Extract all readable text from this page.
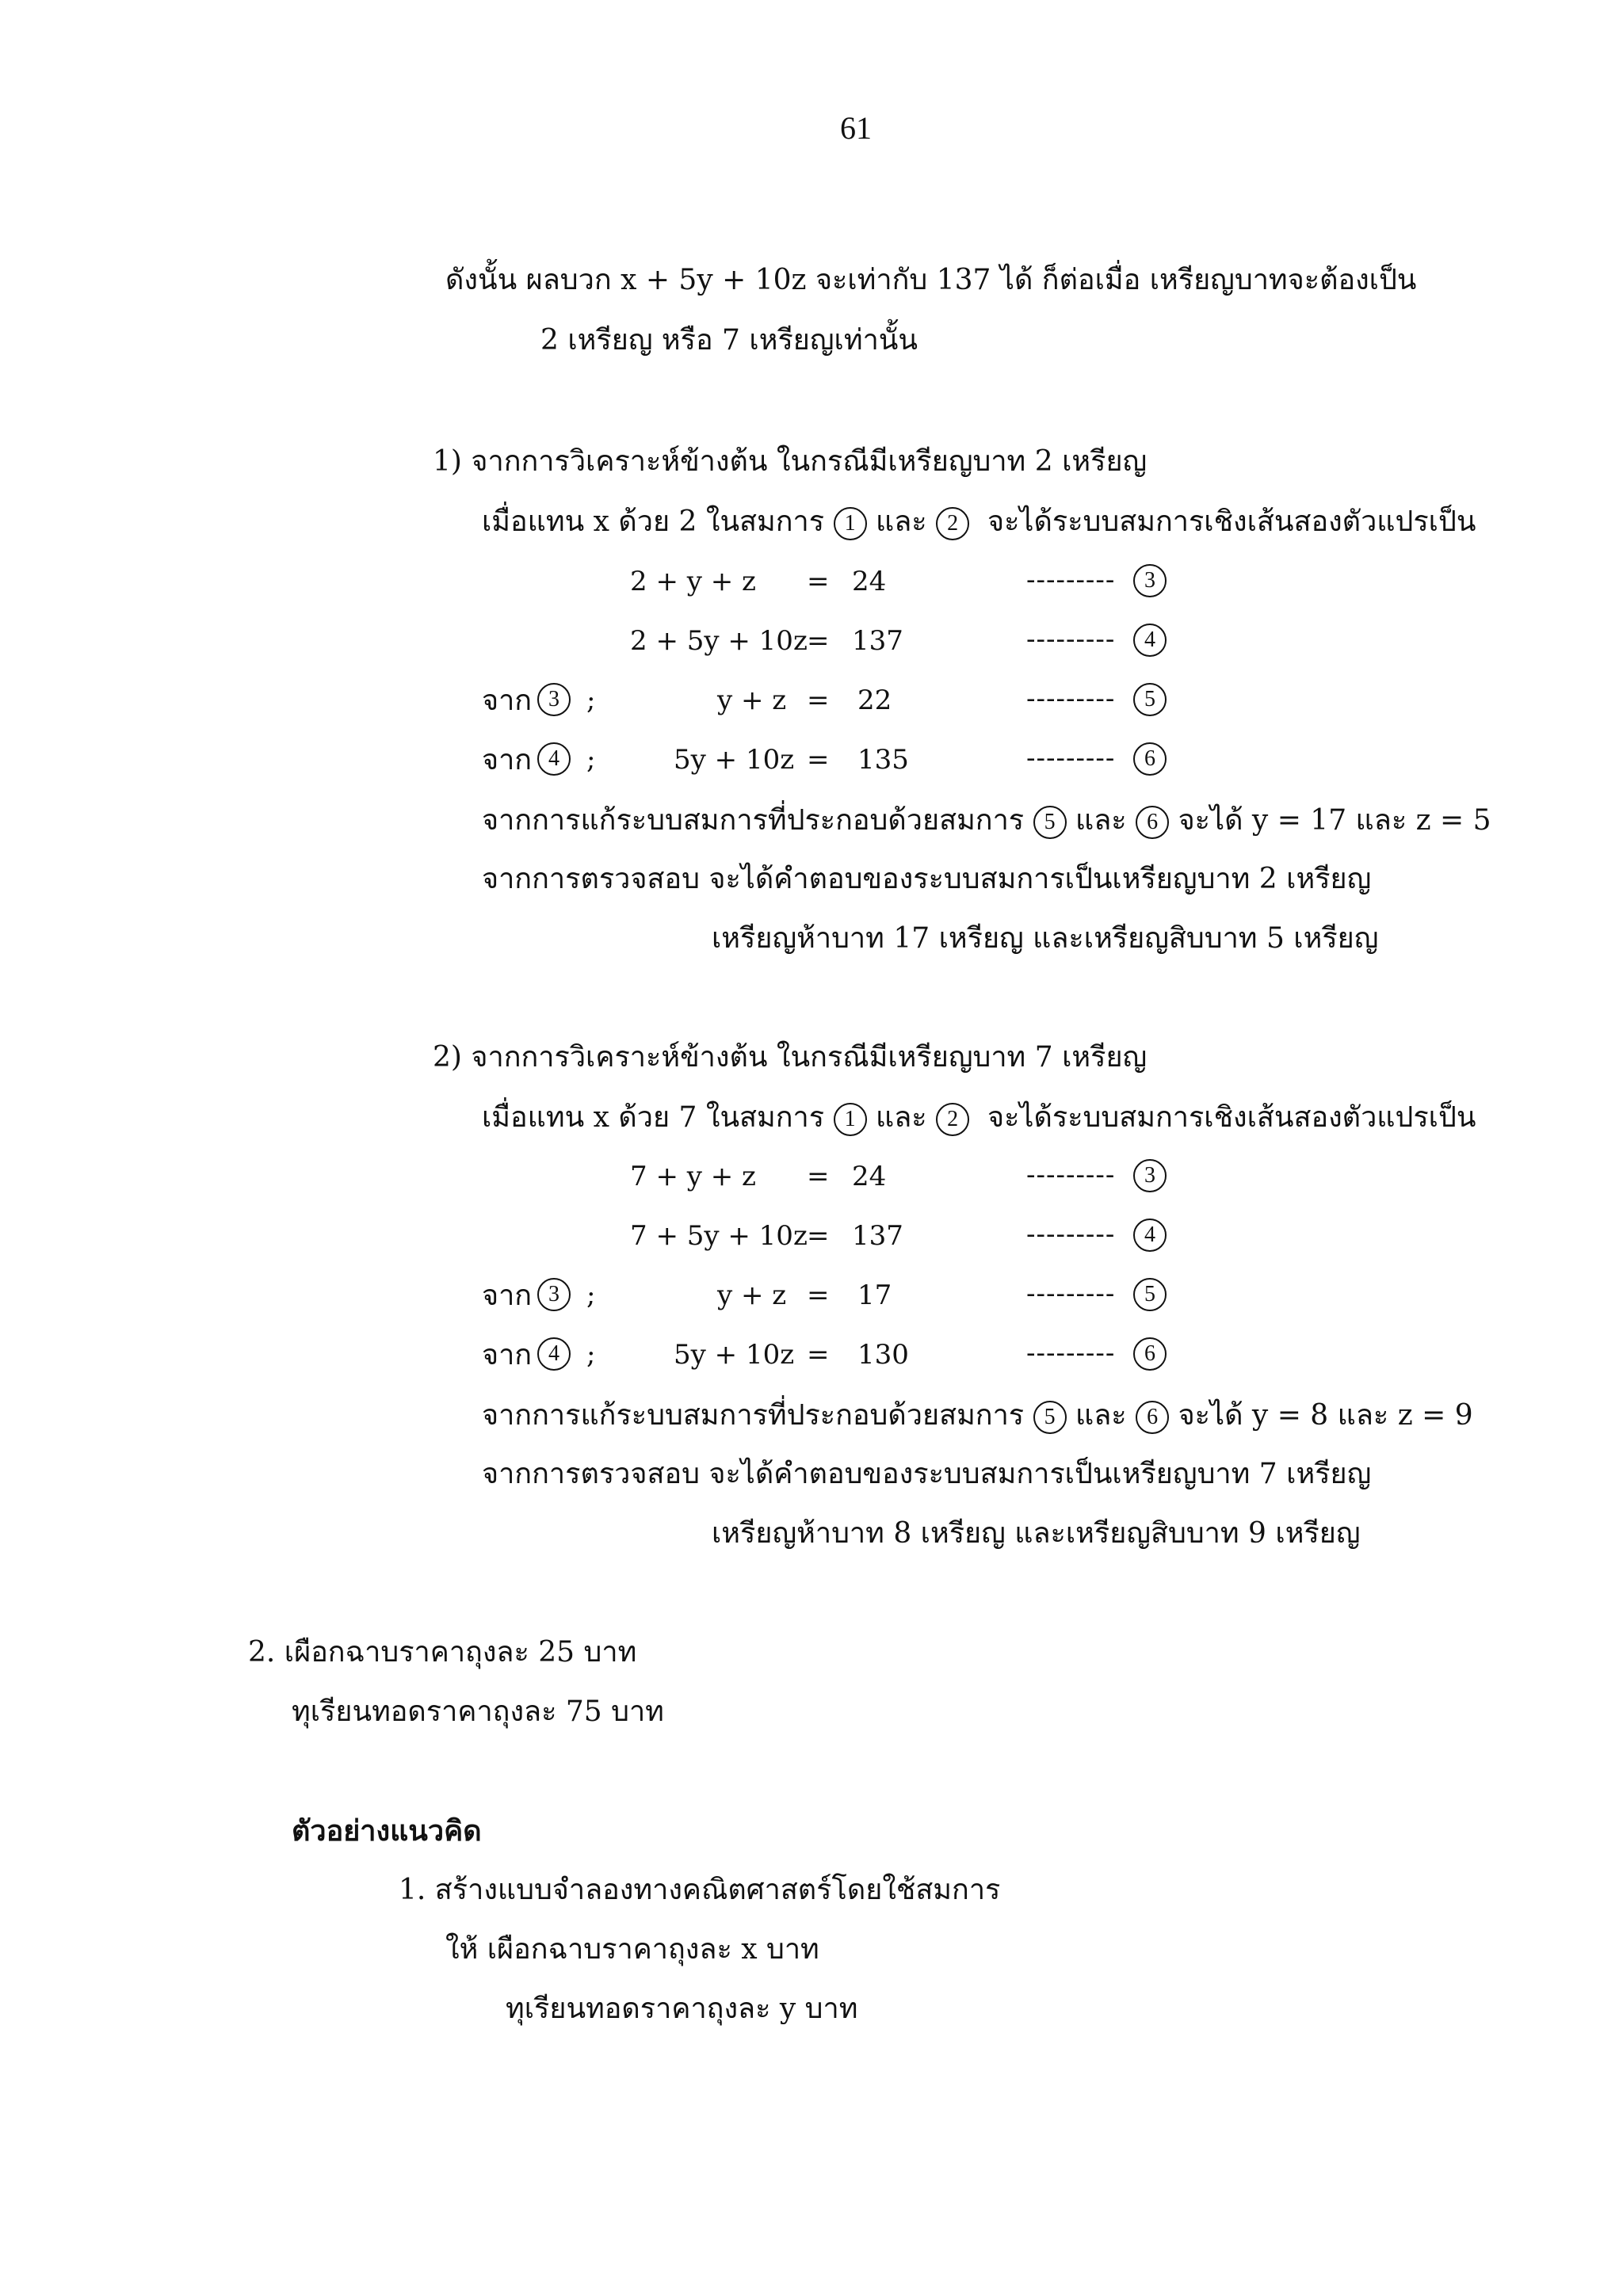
61
ดังนั้น ผลบวก x + 5y + 10z จะเท่ากับ 137 ได้ ก็ต่อเมื่อ เหรียญบาทจะต้องเป็น
2 เหรียญ หรือ 7 เหรียญเท่านั้น
1) จากการวิเคราะห์ข้างต้น ในกรณีมีเหรียญบาท 2 เหรียญ
เมื่อแทน x ด้วย 2 ในสมการ 1 และ 2 จะได้ระบบสมการเชิงเส้นสองตัวแปรเป็น
2 + y + z = 24	---------	3
2 + 5y + 10z = 137	---------	4
จาก 3	;	y + z = 22	---------	5
จาก 4	;	5y + 10z = 135	---------	6
จากการแก้ระบบสมการที่ประกอบด้วยสมการ 5 และ 6 จะได้ y = 17 และ z = 5
จากการตรวจสอบ จะได้คำตอบของระบบสมการเป็นเหรียญบาท 2 เหรียญ
เหรียญห้าบาท 17 เหรียญ และเหรียญสิบบาท 5 เหรียญ
2) จากการวิเคราะห์ข้างต้น ในกรณีมีเหรียญบาท 7 เหรียญ
เมื่อแทน x ด้วย 7 ในสมการ 1 และ 2 จะได้ระบบสมการเชิงเส้นสองตัวแปรเป็น
7 + y + z = 24	---------	3
7 + 5y + 10z = 137	---------	4
จาก 3	;	y + z = 17	---------	5
จาก 4	;	5y + 10z = 130	---------	6
จากการแก้ระบบสมการที่ประกอบด้วยสมการ 5 และ 6 จะได้ y = 8 และ z = 9
จากการตรวจสอบ จะได้คำตอบของระบบสมการเป็นเหรียญบาท 7 เหรียญ
เหรียญห้าบาท 8 เหรียญ และเหรียญสิบบาท 9 เหรียญ
2. เผือกฉาบราคาถุงละ 25 บาท
ทุเรียนทอดราคาถุงละ 75 บาท
ตัวอย่างแนวคิด
1. สร้างแบบจำลองทางคณิตศาสตร์โดยใช้สมการ
ให้ เผือกฉาบราคาถุงละ x บาท
ทุเรียนทอดราคาถุงละ y บาท
